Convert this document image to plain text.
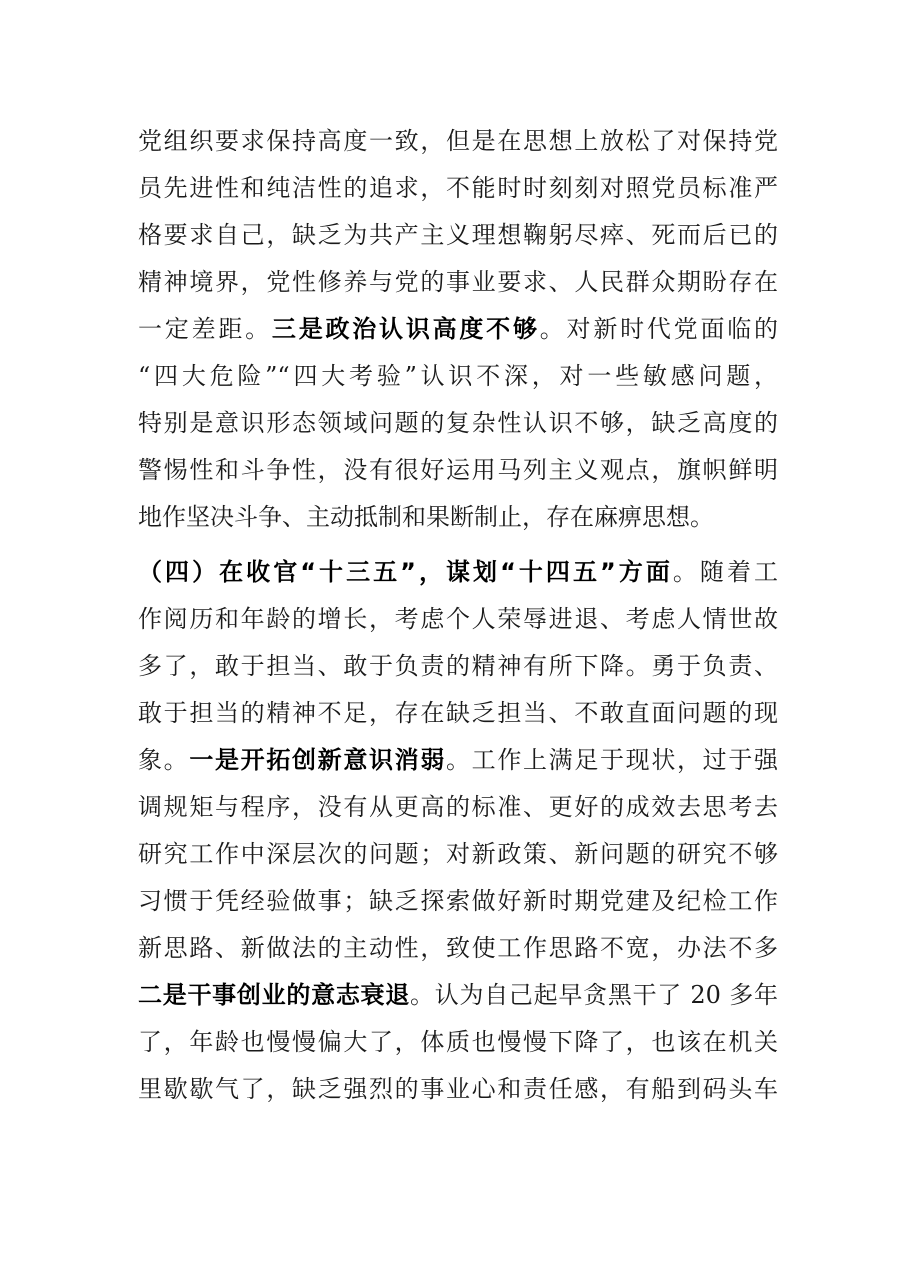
党组织要求保持高度一致，但是在思想上放松了对保持党
员先进性和纯洁性的追求，不能时时刻刻对照党员标准严
格要求自己，缺乏为共产主义理想鞠躬尽瘁、死而后已的
精神境界，党性修养与党的事业要求、人民群众期盼存在
一定差距。三是政治认识高度不够。对新时代党面临的
“四大危险”“四大考验”认识不深，对一些敏感问题，
特别是意识形态领域问题的复杂性认识不够，缺乏高度的
警惕性和斗争性，没有很好运用马列主义观点，旗帜鲜明
地作坚决斗争、主动抵制和果断制止，存在麻痹思想。
（四）在收官“十三五”，谋划“十四五”方面。随着工
作阅历和年龄的增长，考虑个人荣辱进退、考虑人情世故
多了，敢于担当、敢于负责的精神有所下降。勇于负责、
敢于担当的精神不足，存在缺乏担当、不敢直面问题的现
象。一是开拓创新意识消弱。工作上满足于现状，过于强
调规矩与程序，没有从更高的标准、更好的成效去思考去
研究工作中深层次的问题；对新政策、新问题的研究不够
习惯于凭经验做事；缺乏探索做好新时期党建及纪检工作
新思路、新做法的主动性，致使工作思路不宽，办法不多
二是干事创业的意志衰退。认为自己起早贪黑干了 20 多年
了，年龄也慢慢偏大了，体质也慢慢下降了，也该在机关
里歇歇气了，缺乏强烈的事业心和责任感，有船到码头车
